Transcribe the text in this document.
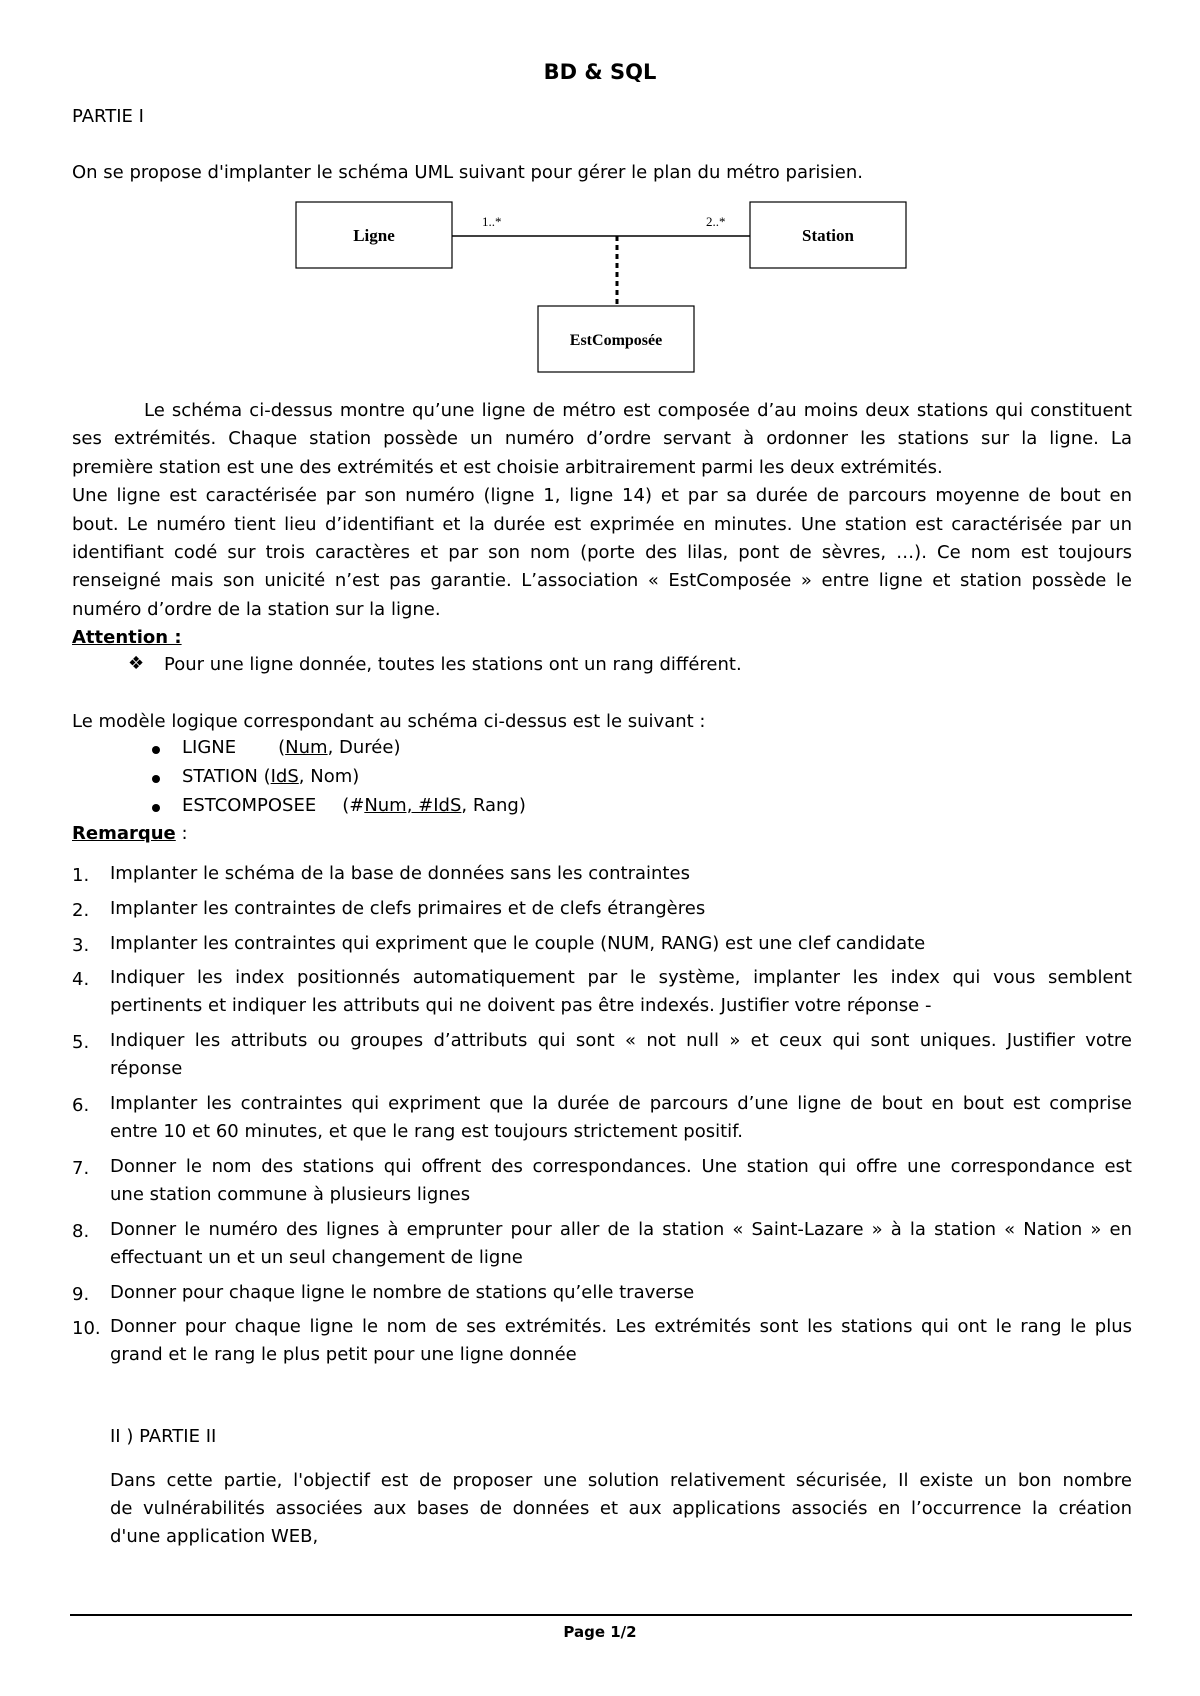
BD & SQL
PARTIE I
On se propose d'implanter le schéma UML suivant pour gérer le plan du métro parisien.
Ligne	Station
1..*	2..*
EstComposée
Le schéma ci-dessus montre qu’une ligne de métro est composée d’au moins deux stations qui constituent
ses extrémités. Chaque station possède un numéro d’ordre servant à ordonner les stations sur la ligne. La
première station est une des extrémités et est choisie arbitrairement parmi les deux extrémités.
Une ligne est caractérisée par son numéro (ligne 1, ligne 14) et par sa durée de parcours moyenne de bout en
bout. Le numéro tient lieu d’identifiant et la durée est exprimée en minutes. Une station est caractérisée par un
identifiant codé sur trois caractères et par son nom (porte des lilas, pont de sèvres, …). Ce nom est toujours
renseigné mais son unicité n’est pas garantie. L’association « EstComposée » entre ligne et station possède le
numéro d’ordre de la station sur la ligne.
Attention :
❖ Pour une ligne donnée, toutes les stations ont un rang différent.
Le modèle logique correspondant au schéma ci-dessus est le suivant :
LIGNE (Num, Durée)
STATION (IdS, Nom)
ESTCOMPOSEE (#Num, #IdS, Rang)
Remarque :
1.	Implanter le schéma de la base de données sans les contraintes
2.	Implanter les contraintes de clefs primaires et de clefs étrangères
3.	Implanter les contraintes qui expriment que le couple (NUM, RANG) est une clef candidate
4.	Indiquer les index positionnés automatiquement par le système, implanter les index qui vous semblent
pertinents et indiquer les attributs qui ne doivent pas être indexés. Justifier votre réponse -
5.	Indiquer les attributs ou groupes d’attributs qui sont « not null » et ceux qui sont uniques. Justifier votre
réponse
6.	Implanter les contraintes qui expriment que la durée de parcours d’une ligne de bout en bout est comprise
entre 10 et 60 minutes, et que le rang est toujours strictement positif.
7.	Donner le nom des stations qui offrent des correspondances. Une station qui offre une correspondance est
une station commune à plusieurs lignes
8.	Donner le numéro des lignes à emprunter pour aller de la station « Saint-Lazare » à la station « Nation » en
effectuant un et un seul changement de ligne
9.	Donner pour chaque ligne le nombre de stations qu’elle traverse
10. Donner pour chaque ligne le nom de ses extrémités. Les extrémités sont les stations qui ont le rang le plus
grand et le rang le plus petit pour une ligne donnée
II ) PARTIE II
Dans cette partie, l'objectif est de proposer une solution relativement sécurisée, Il existe un bon nombre
de vulnérabilités associées aux bases de données et aux applications associés en l’occurrence la création
d'une application WEB,
Page 1/2
